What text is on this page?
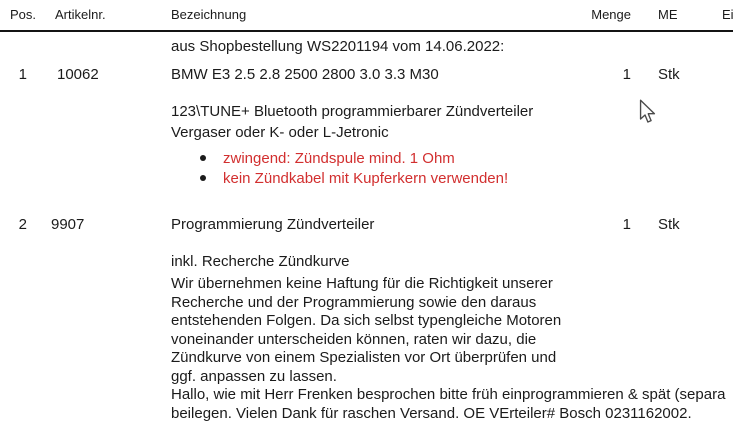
Pos. Artikelnr.	Bezeichnung	Menge ME	Ei
aus Shopbestellung WS2201194 vom 14.06.2022:
1 10062	BMW E3 2.5 2.8 2500 2800 3.0 3.3 M30	1 Stk
123\TUNE+ Bluetooth programmierbarer Zündverteiler
Vergaser oder K- oder L-Jetronic
zwingend: Zündspule mind. 1 Ohm
kein Zündkabel mit Kupferkern verwenden!
2 9907	Programmierung Zündverteiler	1 Stk
inkl. Recherche Zündkurve
Wir übernehmen keine Haftung für die Richtigkeit unserer
Recherche und der Programmierung sowie den daraus
entstehenden Folgen. Da sich selbst typengleiche Motoren
voneinander unterscheiden können, raten wir dazu, die
Zündkurve von einem Spezialisten vor Ort überprüfen und
ggf. anpassen zu lassen.
Hallo, wie mit Herr Frenken besprochen bitte früh einprogrammieren & spät (separa
beilegen. Vielen Dank für raschen Versand. OE VErteiler# Bosch 0231162002.
